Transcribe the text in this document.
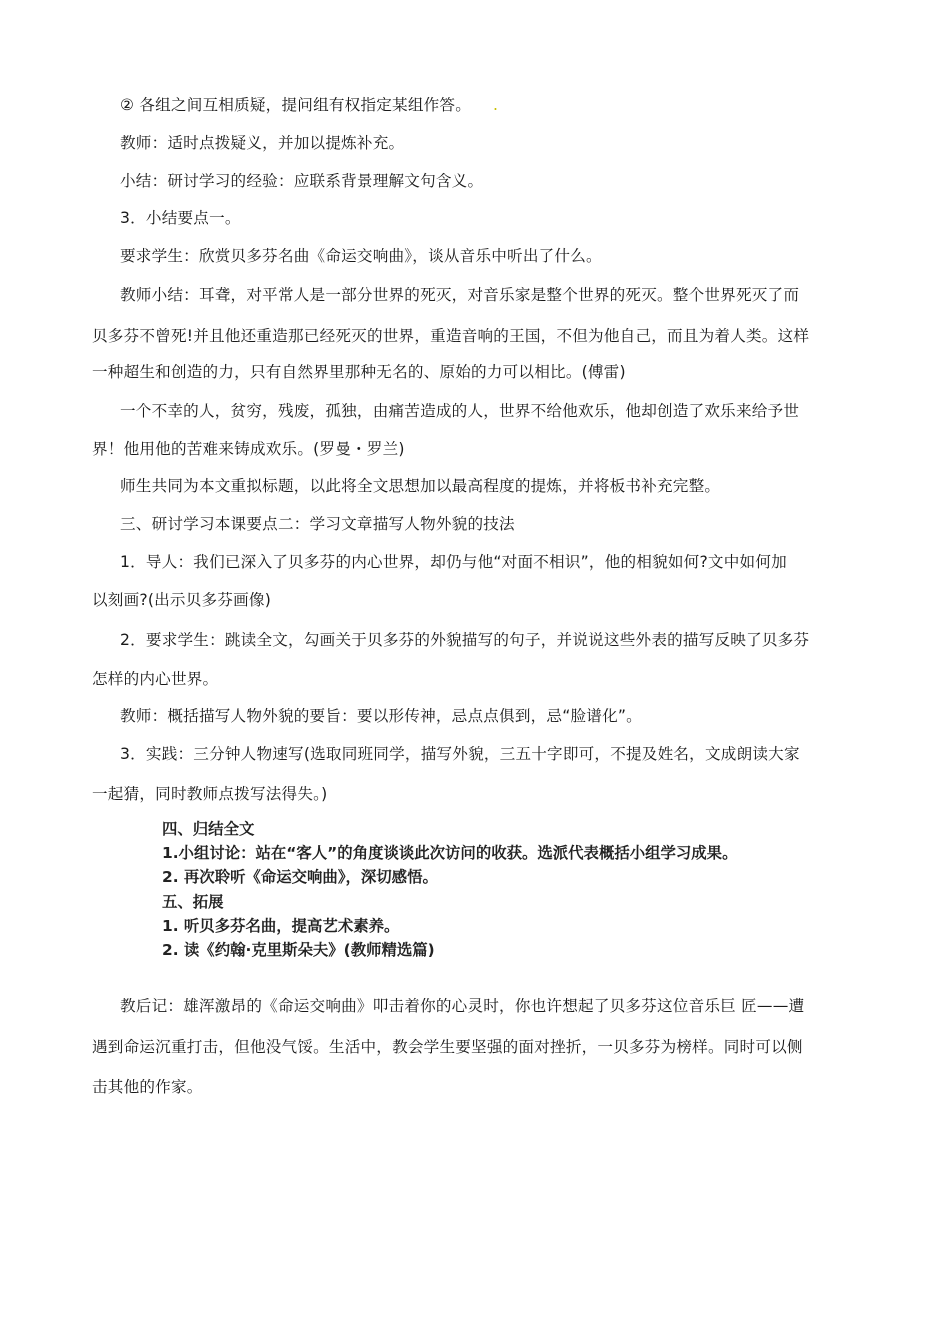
② 各组之间互相质疑，提问组有权指定某组作答。 .
教师：适时点拨疑义，并加以提炼补充。
小结：研讨学习的经验：应联系背景理解文句含义。
3．小结要点一。
要求学生：欣赏贝多芬名曲《命运交响曲》，谈从音乐中听出了什么。
教师小结：耳聋，对平常人是一部分世界的死灭，对音乐家是整个世界的死灭。整个世界死灭了而
贝多芬不曾死!并且他还重造那已经死灭的世界，重造音响的王国，不但为他自己，而且为着人类。这样
一种超生和创造的力，只有自然界里那种无名的、原始的力可以相比。(傅雷)
一个不幸的人，贫穷，残废，孤独，由痛苦造成的人，世界不给他欢乐，他却创造了欢乐来给予世
界！他用他的苦难来铸成欢乐。(罗曼・罗兰)
师生共同为本文重拟标题，以此将全文思想加以最高程度的提炼，并将板书补充完整。
三、研讨学习本课要点二：学习文章描写人物外貌的技法
1．导人：我们已深入了贝多芬的内心世界，却仍与他“对面不相识”，他的相貌如何?文中如何加
以刻画?(出示贝多芬画像)
2．要求学生：跳读全文，勾画关于贝多芬的外貌描写的句子，并说说这些外表的描写反映了贝多芬
怎样的内心世界。
教师：概括描写人物外貌的要旨：要以形传神，忌点点俱到，忌“脸谱化”。
3．实践：三分钟人物速写(选取同班同学，描写外貌，三五十字即可，不提及姓名，文成朗读大家
一起猜，同时教师点拨写法得失。)
四、归结全文
1.小组讨论：站在“客人”的角度谈谈此次访问的收获。选派代表概括小组学习成果。
2. 再次聆听《命运交响曲》，深切感悟。
五、拓展
1. 听贝多芬名曲，提高艺术素养。
2. 读《约翰·克里斯朵夫》(教师精选篇)
教后记：雄浑激昂的《命运交响曲》叩击着你的心灵时，你也许想起了贝多芬这位音乐巨 匠——遭
遇到命运沉重打击，但他没气馁。生活中，教会学生要坚强的面对挫折，一贝多芬为榜样。同时可以侧
击其他的作家。
